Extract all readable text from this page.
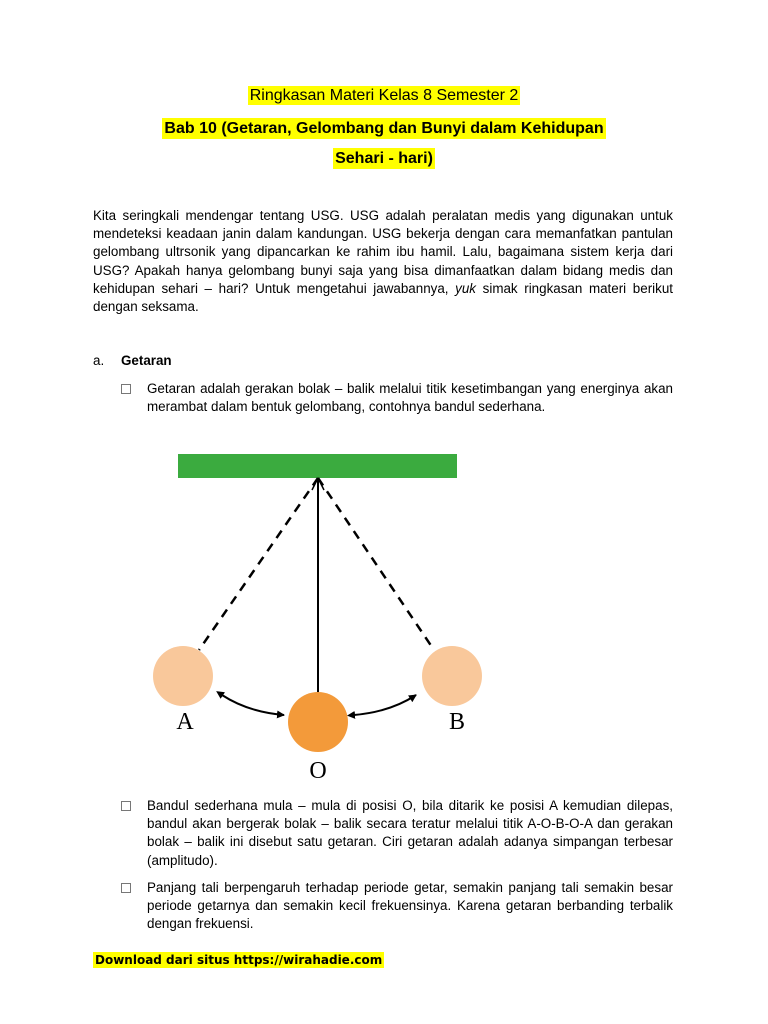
Ringkasan Materi Kelas 8 Semester 2
Bab 10 (Getaran, Gelombang dan Bunyi dalam Kehidupan
Sehari - hari)
Kita seringkali mendengar tentang USG. USG adalah peralatan medis yang digunakan untuk mendeteksi keadaan janin dalam kandungan. USG bekerja dengan cara memanfatkan pantulan gelombang ultrsonik yang dipancarkan ke rahim ibu hamil. Lalu, bagaimana sistem kerja dari USG? Apakah hanya gelombang bunyi saja yang bisa dimanfaatkan dalam bidang medis dan kehidupan sehari – hari? Untuk mengetahui jawabannya, yuk simak ringkasan materi berikut dengan seksama.
a. Getaran
Getaran adalah gerakan bolak – balik melalui titik kesetimbangan yang energinya akan merambat dalam bentuk gelombang, contohnya bandul sederhana.
A
O
B
Bandul sederhana mula – mula di posisi O, bila ditarik ke posisi A kemudian dilepas, bandul akan bergerak bolak – balik secara teratur melalui titik A-O-B-O-A dan gerakan bolak – balik ini disebut satu getaran. Ciri getaran adalah adanya simpangan terbesar (amplitudo).
Panjang tali berpengaruh terhadap periode getar, semakin panjang tali semakin besar periode getarnya dan semakin kecil frekuensinya. Karena getaran berbanding terbalik dengan frekuensi.
Download dari situs https://wirahadie.com
